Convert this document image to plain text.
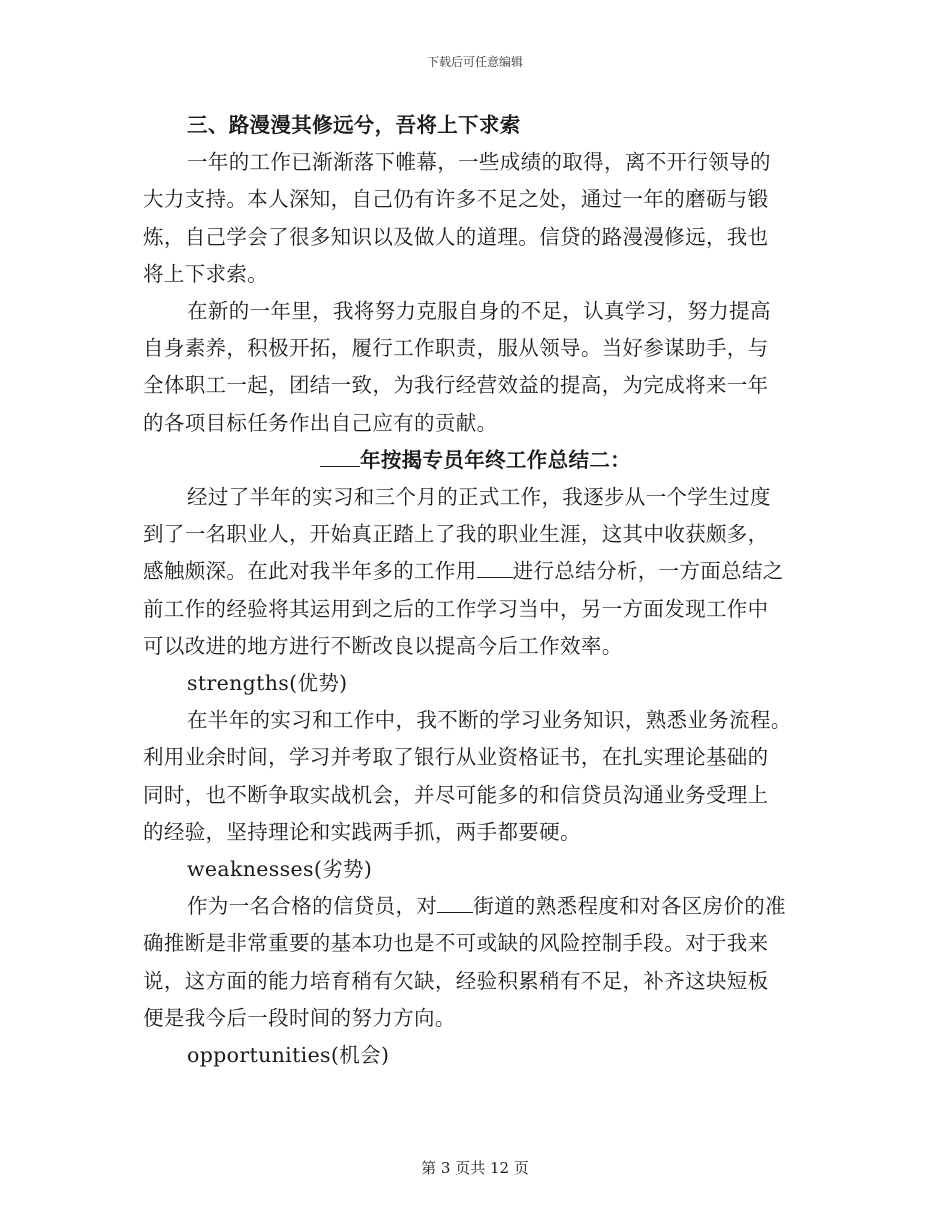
下载后可任意编辑
三、路漫漫其修远兮，吾将上下求索
一年的工作已渐渐落下帷幕，一些成绩的取得，离不开行领导的
大力支持。本人深知，自己仍有许多不足之处，通过一年的磨砺与锻
炼，自己学会了很多知识以及做人的道理。信贷的路漫漫修远，我也
将上下求索。
在新的一年里，我将努力克服自身的不足，认真学习，努力提高
自身素养，积极开拓，履行工作职责，服从领导。当好参谋助手，与
全体职工一起，团结一致，为我行经营效益的提高，为完成将来一年
的各项目标任务作出自己应有的贡献。
年按揭专员年终工作总结二：
经过了半年的实习和三个月的正式工作，我逐步从一个学生过度
到了一名职业人，开始真正踏上了我的职业生涯，这其中收获颇多，
感触颇深。在此对我半年多的工作用 进行总结分析，一方面总结之
前工作的经验将其运用到之后的工作学习当中，另一方面发现工作中
可以改进的地方进行不断改良以提高今后工作效率。
strengths(优势)
在半年的实习和工作中，我不断的学习业务知识，熟悉业务流程。
利用业余时间，学习并考取了银行从业资格证书，在扎实理论基础的
同时，也不断争取实战机会，并尽可能多的和信贷员沟通业务受理上
的经验，坚持理论和实践两手抓，两手都要硬。
weaknesses(劣势)
作为一名合格的信贷员，对 街道的熟悉程度和对各区房价的准
确推断是非常重要的基本功也是不可或缺的风险控制手段。对于我来
说，这方面的能力培育稍有欠缺，经验积累稍有不足，补齐这块短板
便是我今后一段时间的努力方向。
opportunities(机会)
第 3 页共 12 页
